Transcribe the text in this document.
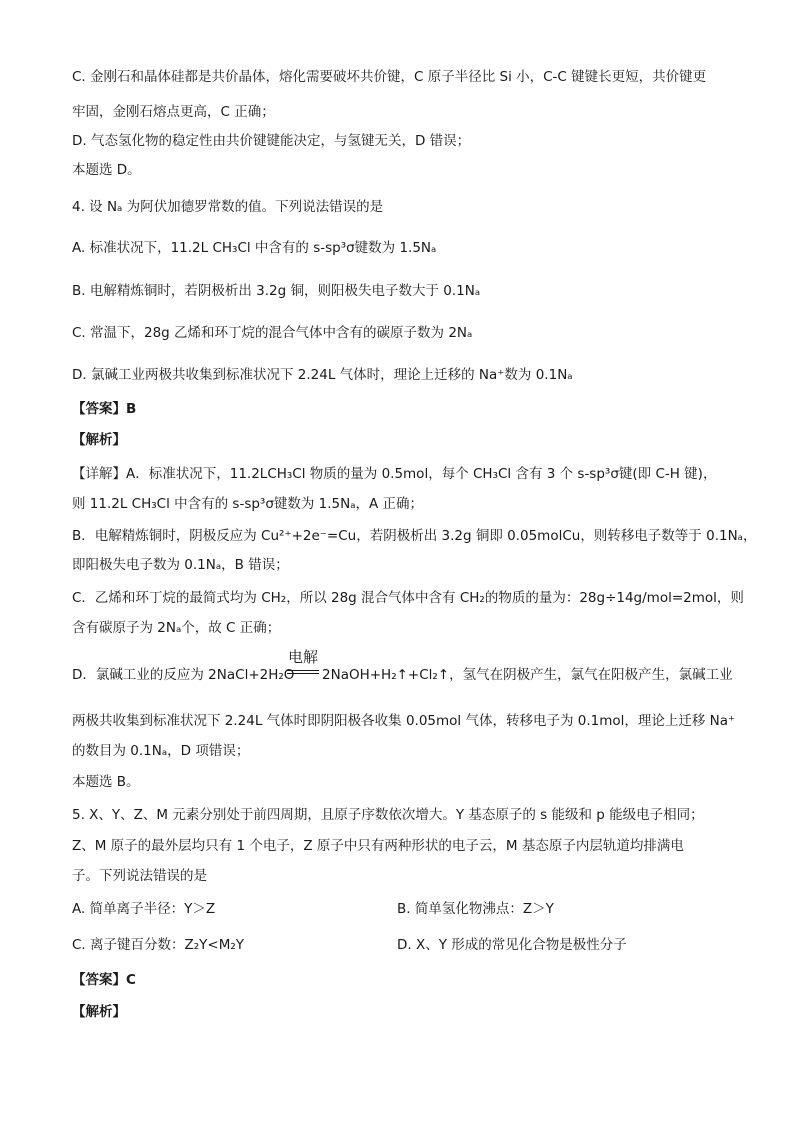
C. 金刚石和晶体硅都是共价晶体，熔化需要破坏共价键，C 原子半径比 Si 小，C-C 键键长更短，共价键更
牢固，金刚石熔点更高，C 正确；
D. 气态氢化物的稳定性由共价键键能决定，与氢键无关，D 错误；
本题选 D。
4. 设 Nₐ 为阿伏加德罗常数的值。下列说法错误的是
A. 标准状况下，11.2L CH₃Cl 中含有的 s-sp³σ键数为 1.5Nₐ
B. 电解精炼铜时，若阴极析出 3.2g 铜，则阳极失电子数大于 0.1Nₐ
C. 常温下，28g 乙烯和环丁烷的混合气体中含有的碳原子数为 2Nₐ
D. 氯碱工业两极共收集到标准状况下 2.24L 气体时，理论上迁移的 Na⁺数为 0.1Nₐ
【答案】B
【解析】
【详解】A．标准状况下，11.2LCH₃Cl 物质的量为 0.5mol，每个 CH₃Cl 含有 3 个 s-sp³σ键(即 C-H 键)，
则 11.2L CH₃Cl 中含有的 s-sp³σ键数为 1.5Nₐ，A 正确；
B．电解精炼铜时，阴极反应为 Cu²⁺+2e⁻=Cu，若阴极析出 3.2g 铜即 0.05molCu，则转移电子数等于 0.1Nₐ，
即阳极失电子数为 0.1Nₐ，B 错误；
C．乙烯和环丁烷的最简式均为 CH₂，所以 28g 混合气体中含有 CH₂的物质的量为：28g÷14g/mol=2mol，则
含有碳原子为 2Nₐ个，故 C 正确；
D．氯碱工业的反应为 2NaCl+2H₂O
电解
2NaOH+H₂↑+Cl₂↑，氢气在阴极产生，氯气在阳极产生，氯碱工业
两极共收集到标准状况下 2.24L 气体时即阴阳极各收集 0.05mol 气体，转移电子为 0.1mol，理论上迁移 Na⁺
的数目为 0.1Nₐ，D 项错误；
本题选 B。
5. X、Y、Z、M 元素分别处于前四周期，且原子序数依次增大。Y 基态原子的 s 能级和 p 能级电子相同；
Z、M 原子的最外层均只有 1 个电子，Z 原子中只有两种形状的电子云，M 基态原子内层轨道均排满电
子。下列说法错误的是
A. 简单离子半径：Y＞Z	B. 简单氢化物沸点：Z＞Y
C. 离子键百分数：Z₂Y<M₂Y	D. X、Y 形成的常见化合物是极性分子
【答案】C
【解析】
